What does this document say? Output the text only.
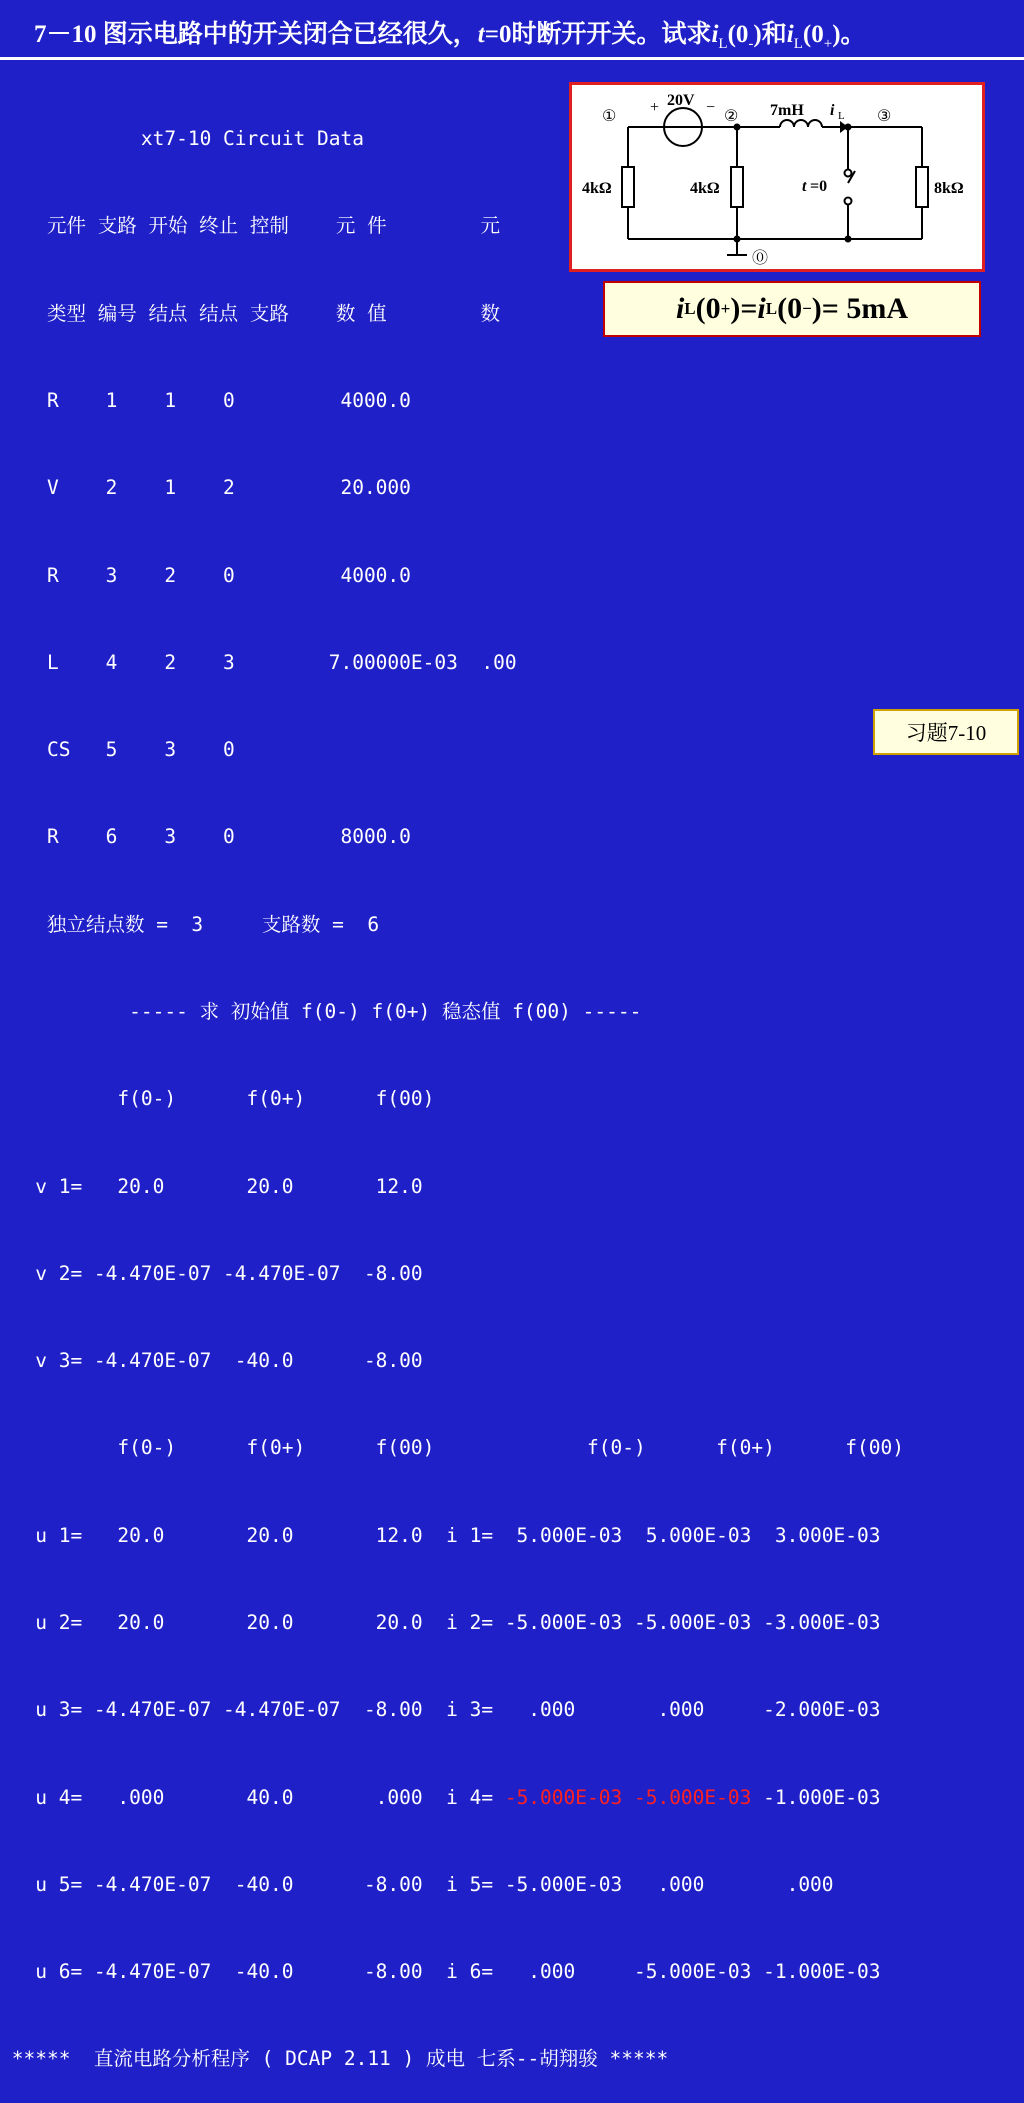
7－10 图示电路中的开关闭合已经很久，t=0时断开开关。试求$i_L(0_-)$和$i_L(0_+)$。

xt7-10 Circuit Data

元件 支路 开始 终止 控制    元 件        元

类型 编号 结点 结点 支路    数 值        数

R    1    1    0         4000.0

V    2    1    2         20.000

R    3    2    0         4000.0

L    4    2    3        7.00000E-03  .00

CS   5    3    0

R    6    3    0         8000.0

独立结点数 =  3     支路数 =  6

----- 求 初始值 f(0-) f(0+) 稳态值 f(00) -----

f(0-)      f(0+)      f(00)

v 1=   20.0       20.0       12.0

v 2= -4.470E-07 -4.470E-07  -8.00

v 3= -4.470E-07  -40.0      -8.00

f(0-)      f(0+)      f(00)             f(0-)      f(0+)      f(00)

u 1=   20.0       20.0       12.0  i 1=  5.000E-03  5.000E-03  3.000E-03

u 2=   20.0       20.0       20.0  i 2= -5.000E-03 -5.000E-03 -3.000E-03

u 3= -4.470E-07 -4.470E-07  -8.00  i 3=   .000       .000     -2.000E-03

u 4=   .000       40.0       .000  i 4= -5.000E-03 -5.000E-03 -1.000E-03

u 5= -4.470E-07  -40.0      -8.00  i 5= -5.000E-03   .000       .000

u 6= -4.470E-07  -40.0      -8.00  i 6=   .000     -5.000E-03 -1.000E-03

*****  直流电路分析程序 ( DCAP 2.11 ) 成电 七系--胡翔骏 *****

+ 20V −
①	②	③
⓪
7mH i L
4kΩ	4kΩ	8kΩ
t =0
i L (0 + ) = i L (0 − ) = 5mA
习题7-10
